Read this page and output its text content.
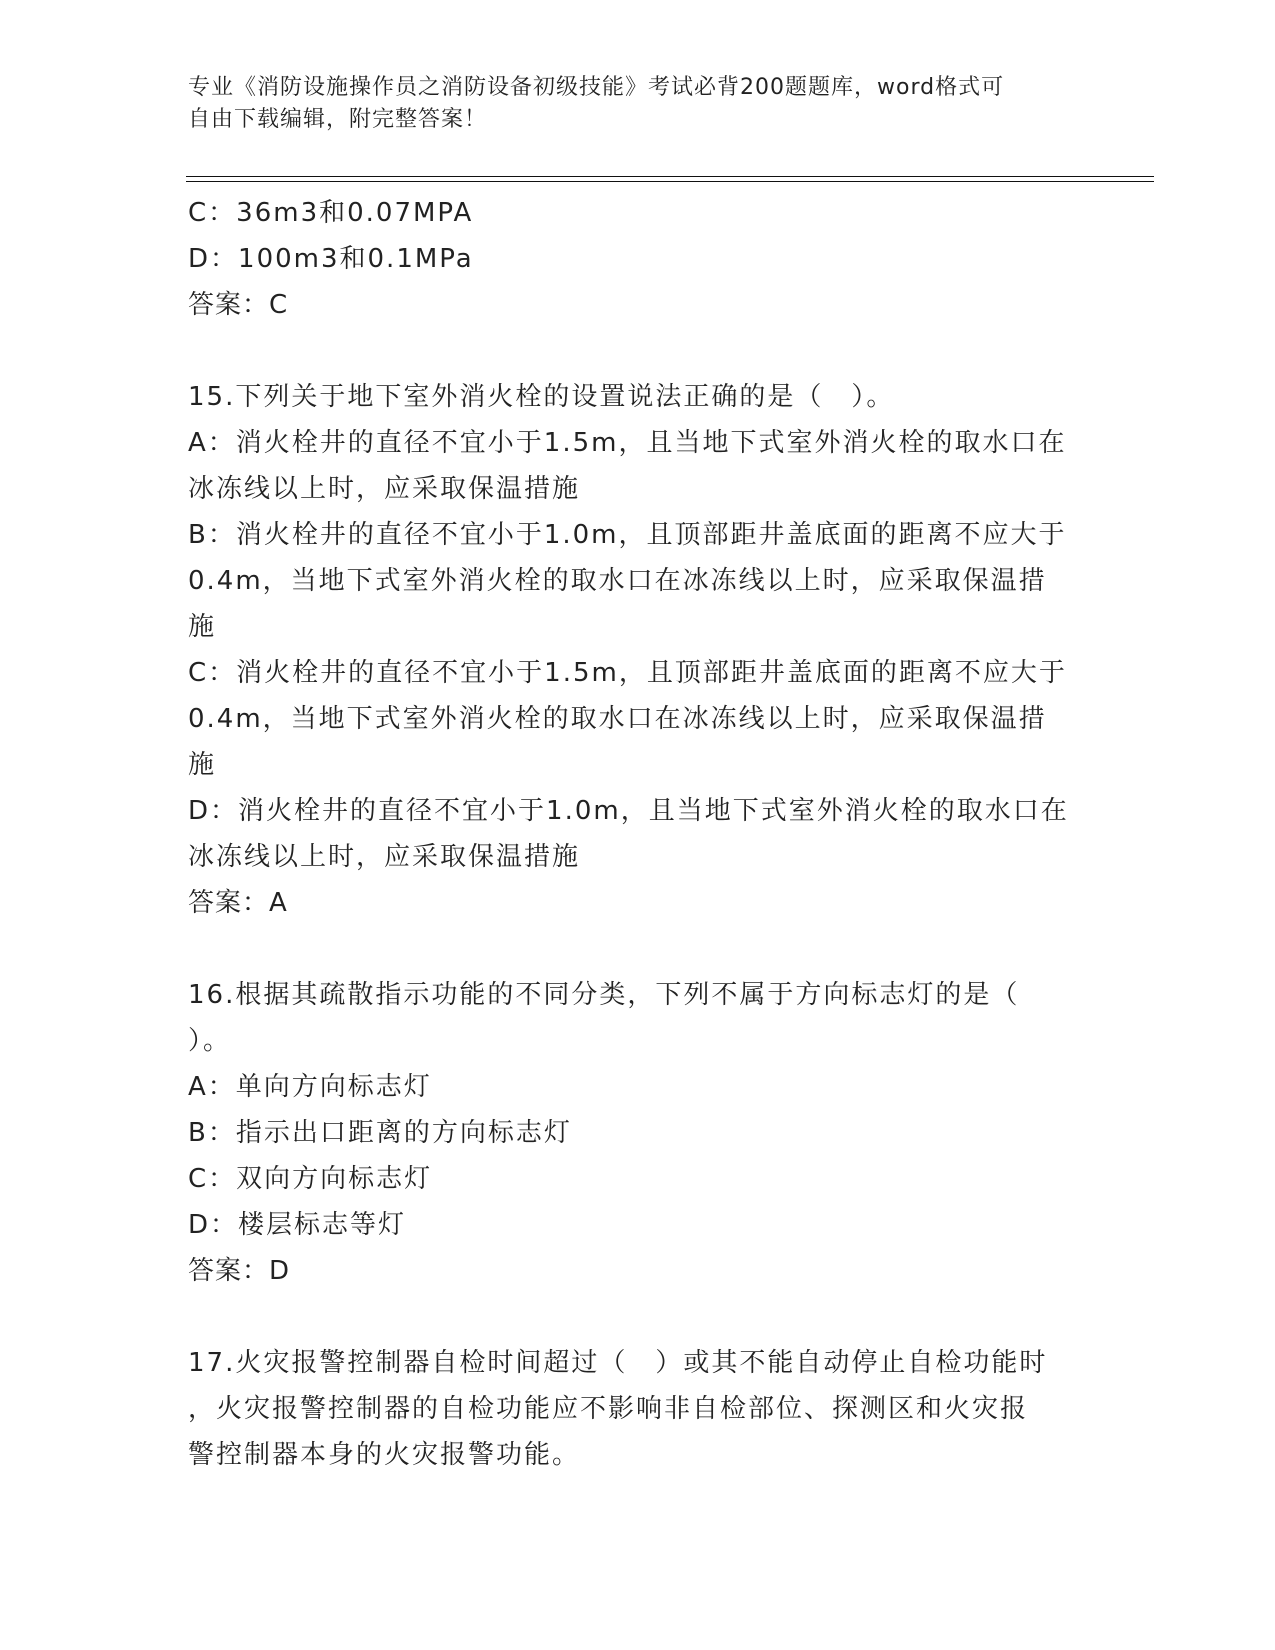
专业《消防设施操作员之消防设备初级技能》考试必背200题题库，word格式可
自由下载编辑，附完整答案！
C：36m3和0.07MPA
D：100m3和0.1MPa
答案：C
15.下列关于地下室外消火栓的设置说法正确的是（　）。
A：消火栓井的直径不宜小于1.5m，且当地下式室外消火栓的取水口在
冰冻线以上时，应采取保温措施
B：消火栓井的直径不宜小于1.0m，且顶部距井盖底面的距离不应大于
0.4m，当地下式室外消火栓的取水口在冰冻线以上时，应采取保温措
施
C：消火栓井的直径不宜小于1.5m，且顶部距井盖底面的距离不应大于
0.4m，当地下式室外消火栓的取水口在冰冻线以上时，应采取保温措
施
D：消火栓井的直径不宜小于1.0m，且当地下式室外消火栓的取水口在
冰冻线以上时，应采取保温措施
答案：A
16.根据其疏散指示功能的不同分类，下列不属于方向标志灯的是（
）。
A：单向方向标志灯
B：指示出口距离的方向标志灯
C：双向方向标志灯
D：楼层标志等灯
答案：D
17.火灾报警控制器自检时间超过（　）或其不能自动停止自检功能时
，火灾报警控制器的自检功能应不影响非自检部位、探测区和火灾报
警控制器本身的火灾报警功能。
